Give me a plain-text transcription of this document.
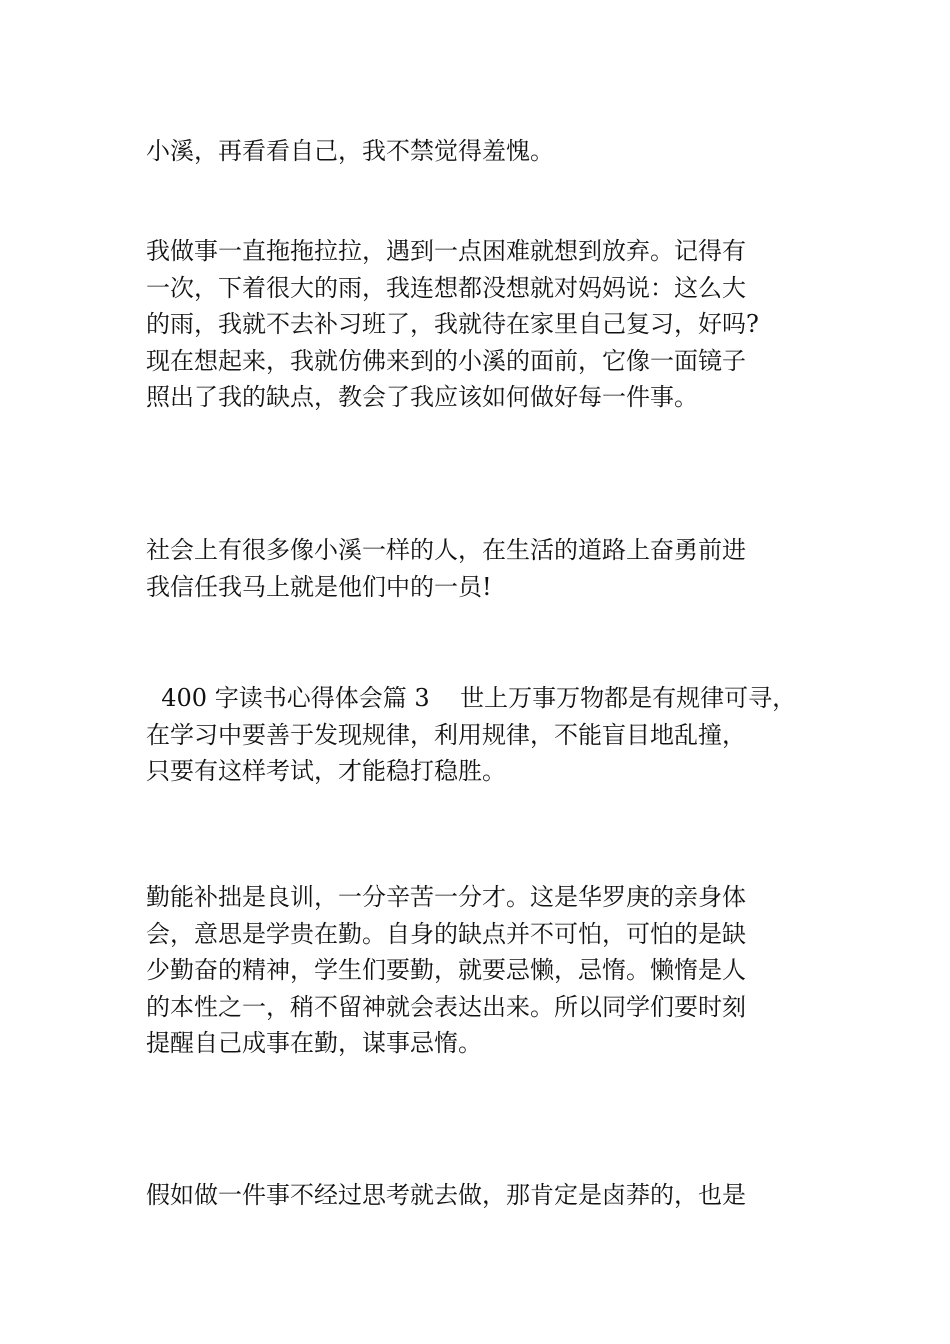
小溪，再看看自己，我不禁觉得羞愧。
我做事一直拖拖拉拉，遇到一点困难就想到放弃。记得有
一次，下着很大的雨，我连想都没想就对妈妈说：这么大
的雨，我就不去补习班了，我就待在家里自己复习，好吗?
现在想起来，我就仿佛来到的小溪的面前，它像一面镜子
照出了我的缺点，教会了我应该如何做好每一件事。
社会上有很多像小溪一样的人，在生活的道路上奋勇前进
我信任我马上就是他们中的一员!
400 字读书心得体会篇 3    世上万事万物都是有规律可寻，
在学习中要善于发现规律，利用规律，不能盲目地乱撞，
只要有这样考试，才能稳打稳胜。
勤能补拙是良训，一分辛苦一分才。这是华罗庚的亲身体
会，意思是学贵在勤。自身的缺点并不可怕，可怕的是缺
少勤奋的精神，学生们要勤，就要忌懒，忌惰。懒惰是人
的本性之一，稍不留神就会表达出来。所以同学们要时刻
提醒自己成事在勤，谋事忌惰。
假如做一件事不经过思考就去做，那肯定是卤莽的，也是
